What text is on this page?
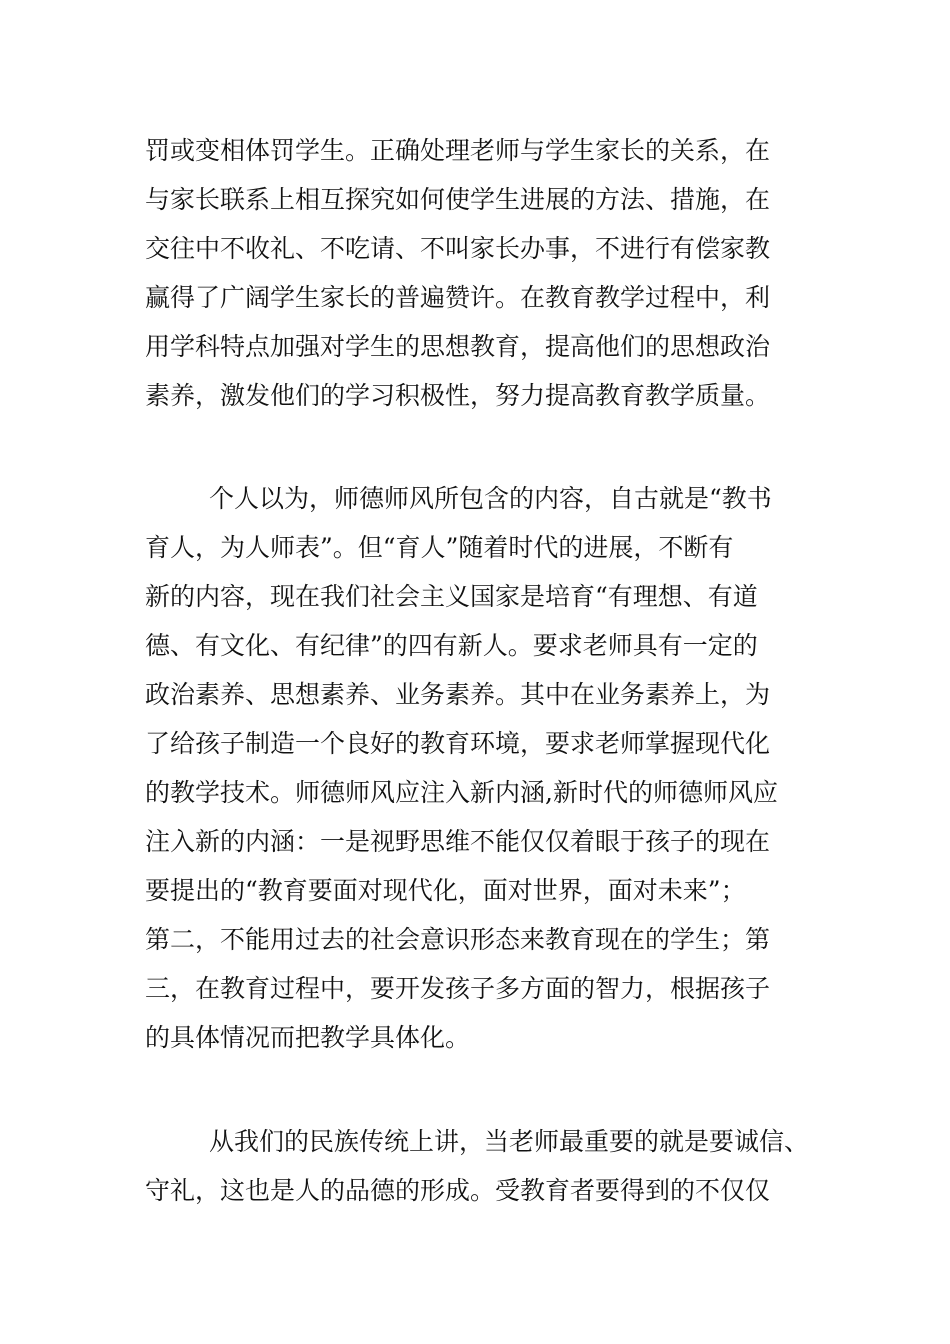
罚或变相体罚学生。正确处理老师与学生家长的关系，在
与家长联系上相互探究如何使学生进展的方法、措施，在
交往中不收礼、不吃请、不叫家长办事，不进行有偿家教
赢得了广阔学生家长的普遍赞许。在教育教学过程中，利
用学科特点加强对学生的思想教育，提高他们的思想政治
素养，激发他们的学习积极性，努力提高教育教学质量。
个人以为，师德师风所包含的内容，自古就是“教书
育人，为人师表”。但“育人”随着时代的进展，不断有
新的内容，现在我们社会主义国家是培育“有理想、有道
德、有文化、有纪律”的四有新人。要求老师具有一定的
政治素养、思想素养、业务素养。其中在业务素养上，为
了给孩子制造一个良好的教育环境，要求老师掌握现代化
的教学技术。师德师风应注入新内涵,新时代的师德师风应
注入新的内涵：一是视野思维不能仅仅着眼于孩子的现在
要提出的“教育要面对现代化，面对世界，面对未来”；
第二，不能用过去的社会意识形态来教育现在的学生；第
三，在教育过程中，要开发孩子多方面的智力，根据孩子
的具体情况而把教学具体化。
从我们的民族传统上讲，当老师最重要的就是要诚信、
守礼，这也是人的品德的形成。受教育者要得到的不仅仅
